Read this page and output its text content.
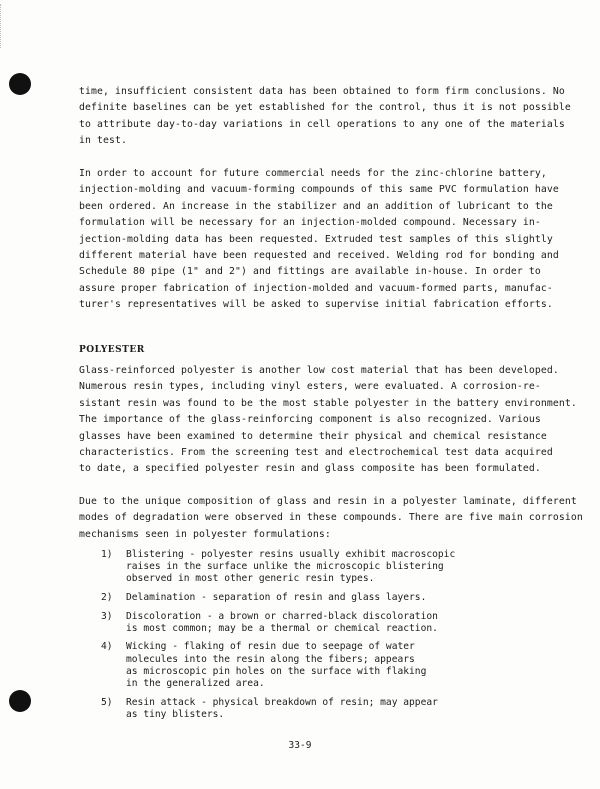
time, insufficient consistent data has been obtained to form firm conclusions. No
definite baselines can be yet established for the control, thus it is not possible
to attribute day-to-day variations in cell operations to any one of the materials
in test.

In order to account for future commercial needs for the zinc-chlorine battery,
injection-molding and vacuum-forming compounds of this same PVC formulation have
been ordered. An increase in the stabilizer and an addition of lubricant to the
formulation will be necessary for an injection-molded compound. Necessary in-
jection-molding data has been requested. Extruded test samples of this slightly
different material have been requested and received. Welding rod for bonding and
Schedule 80 pipe (1" and 2") and fittings are available in-house. In order to
assure proper fabrication of injection-molded and vacuum-formed parts, manufac-
turer's representatives will be asked to supervise initial fabrication efforts.

POLYESTER

Glass-reinforced polyester is another low cost material that has been developed.
Numerous resin types, including vinyl esters, were evaluated. A corrosion-re-
sistant resin was found to be the most stable polyester in the battery environment.
The importance of the glass-reinforcing component is also recognized. Various
glasses have been examined to determine their physical and chemical resistance
characteristics. From the screening test and electrochemical test data acquired
to date, a specified polyester resin and glass composite has been formulated.

Due to the unique composition of glass and resin in a polyester laminate, different
modes of degradation were observed in these compounds. There are five main corrosion
mechanisms seen in polyester formulations:

1)	Blistering - polyester resins usually exhibit macroscopic
raises in the surface unlike the microscopic blistering
observed in most other generic resin types.
2)	Delamination - separation of resin and glass layers.
3)	Discoloration - a brown or charred-black discoloration
is most common; may be a thermal or chemical reaction.
4)	Wicking - flaking of resin due to seepage of water
molecules into the resin along the fibers; appears
as microscopic pin holes on the surface with flaking
in the generalized area.
5)	Resin attack - physical breakdown of resin; may appear
as tiny blisters.

33-9
